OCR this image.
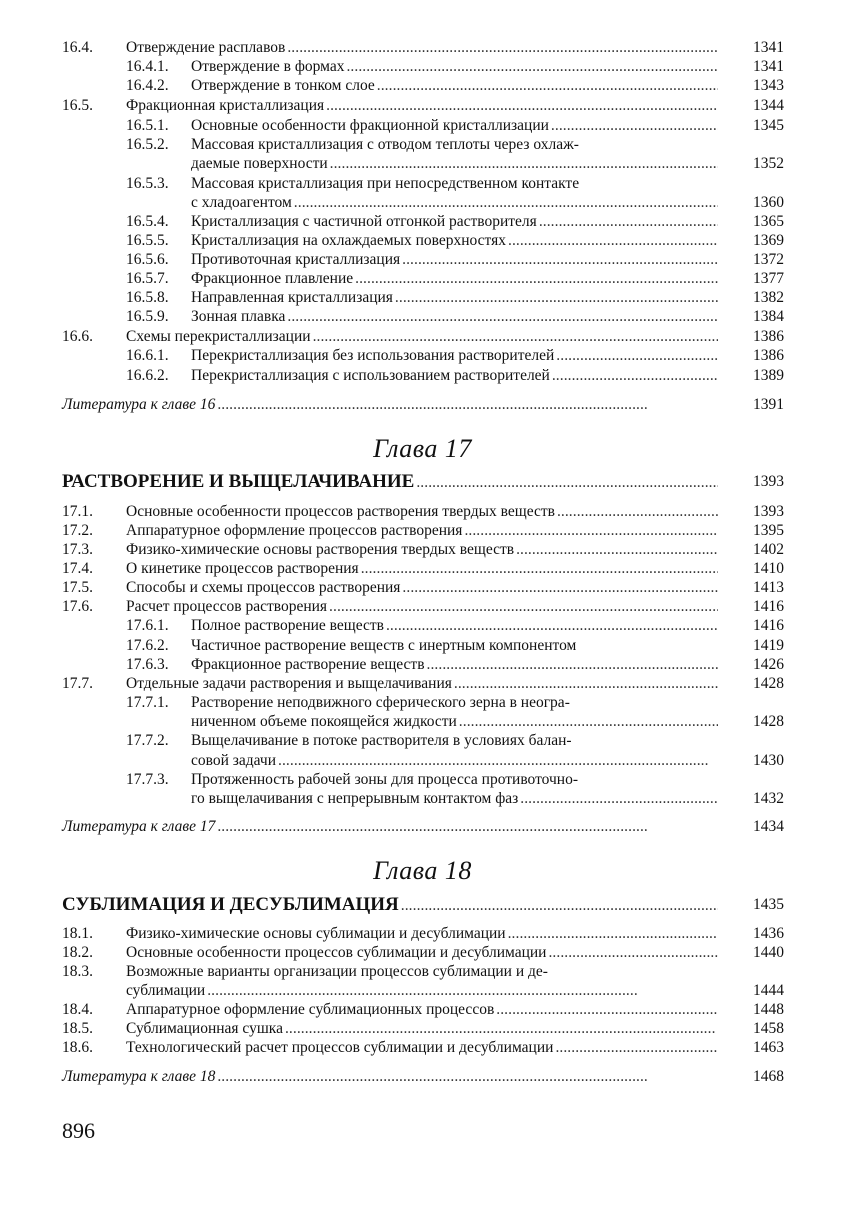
16.4. Отверждение расплавов . . .	1341
16.4.1. Отверждение в формах . . .	1341
16.4.2. Отверждение в тонком слое . . .	1343
16.5. Фракционная кристаллизация . . .	1344
16.5.1. Основные особенности фракционной кристаллизации . . .	1345
16.5.2. Массовая кристаллизация с отводом теплоты через охлаж-
даемые поверхности . . .	1352
16.5.3. Массовая кристаллизация при непосредственном контакте
с хладоагентом . . .	1360
16.5.4. Кристаллизация с частичной отгонкой растворителя . . .	1365
16.5.5. Кристаллизация на охлаждаемых поверхностях . . .	1369
16.5.6. Противоточная кристаллизация . . .	1372
16.5.7. Фракционное плавление . . .	1377
16.5.8. Направленная кристаллизация . . .	1382
16.5.9. Зонная плавка . . .	1384
16.6. Схемы перекристаллизации . . .	1386
16.6.1. Перекристаллизация без использования растворителей . . .	1386
16.6.2. Перекристаллизация с использованием растворителей . . .	1389
Литература к главе 16 . . .	1391
Глава 17
РАСТВОРЕНИЕ И ВЫЩЕЛАЧИВАНИЕ . . .	1393
17.1. Основные особенности процессов растворения твердых веществ . . .	1393
17.2. Аппаратурное оформление процессов растворения . . .	1395
17.3. Физико-химические основы растворения твердых веществ . . .	1402
17.4. О кинетике процессов растворения . . .	1410
17.5. Способы и схемы процессов растворения . . .	1413
17.6. Расчет процессов растворения . . .	1416
17.6.1. Полное растворение веществ . . .	1416
17.6.2. Частичное растворение веществ с инертным компонентом	1419
17.6.3. Фракционное растворение веществ . . .	1426
17.7. Отдельные задачи растворения и выщелачивания . . .	1428
17.7.1. Растворение неподвижного сферического зерна в неогра-
ниченном объеме покоящейся жидкости . . .	1428
17.7.2. Выщелачивание в потоке растворителя в условиях балан-
совой задачи . . .	1430
17.7.3. Протяженность рабочей зоны для процесса противоточно-
го выщелачивания с непрерывным контактом фаз . . .	1432
Литература к главе 17 . . .	1434
Глава 18
СУБЛИМАЦИЯ И ДЕСУБЛИМАЦИЯ . . .	1435
18.1. Физико-химические основы сублимации и десублимации . . .	1436
18.2. Основные особенности процессов сублимации и десублимации . . .	1440
18.3. Возможные варианты организации процессов сублимации и де-
сублимации . . .	1444
18.4. Аппаратурное оформление сублимационных процессов . . .	1448
18.5. Сублимационная сушка . . .	1458
18.6. Технологический расчет процессов сублимации и десублимации . . .	1463
Литература к главе 18 . . .	1468
896
